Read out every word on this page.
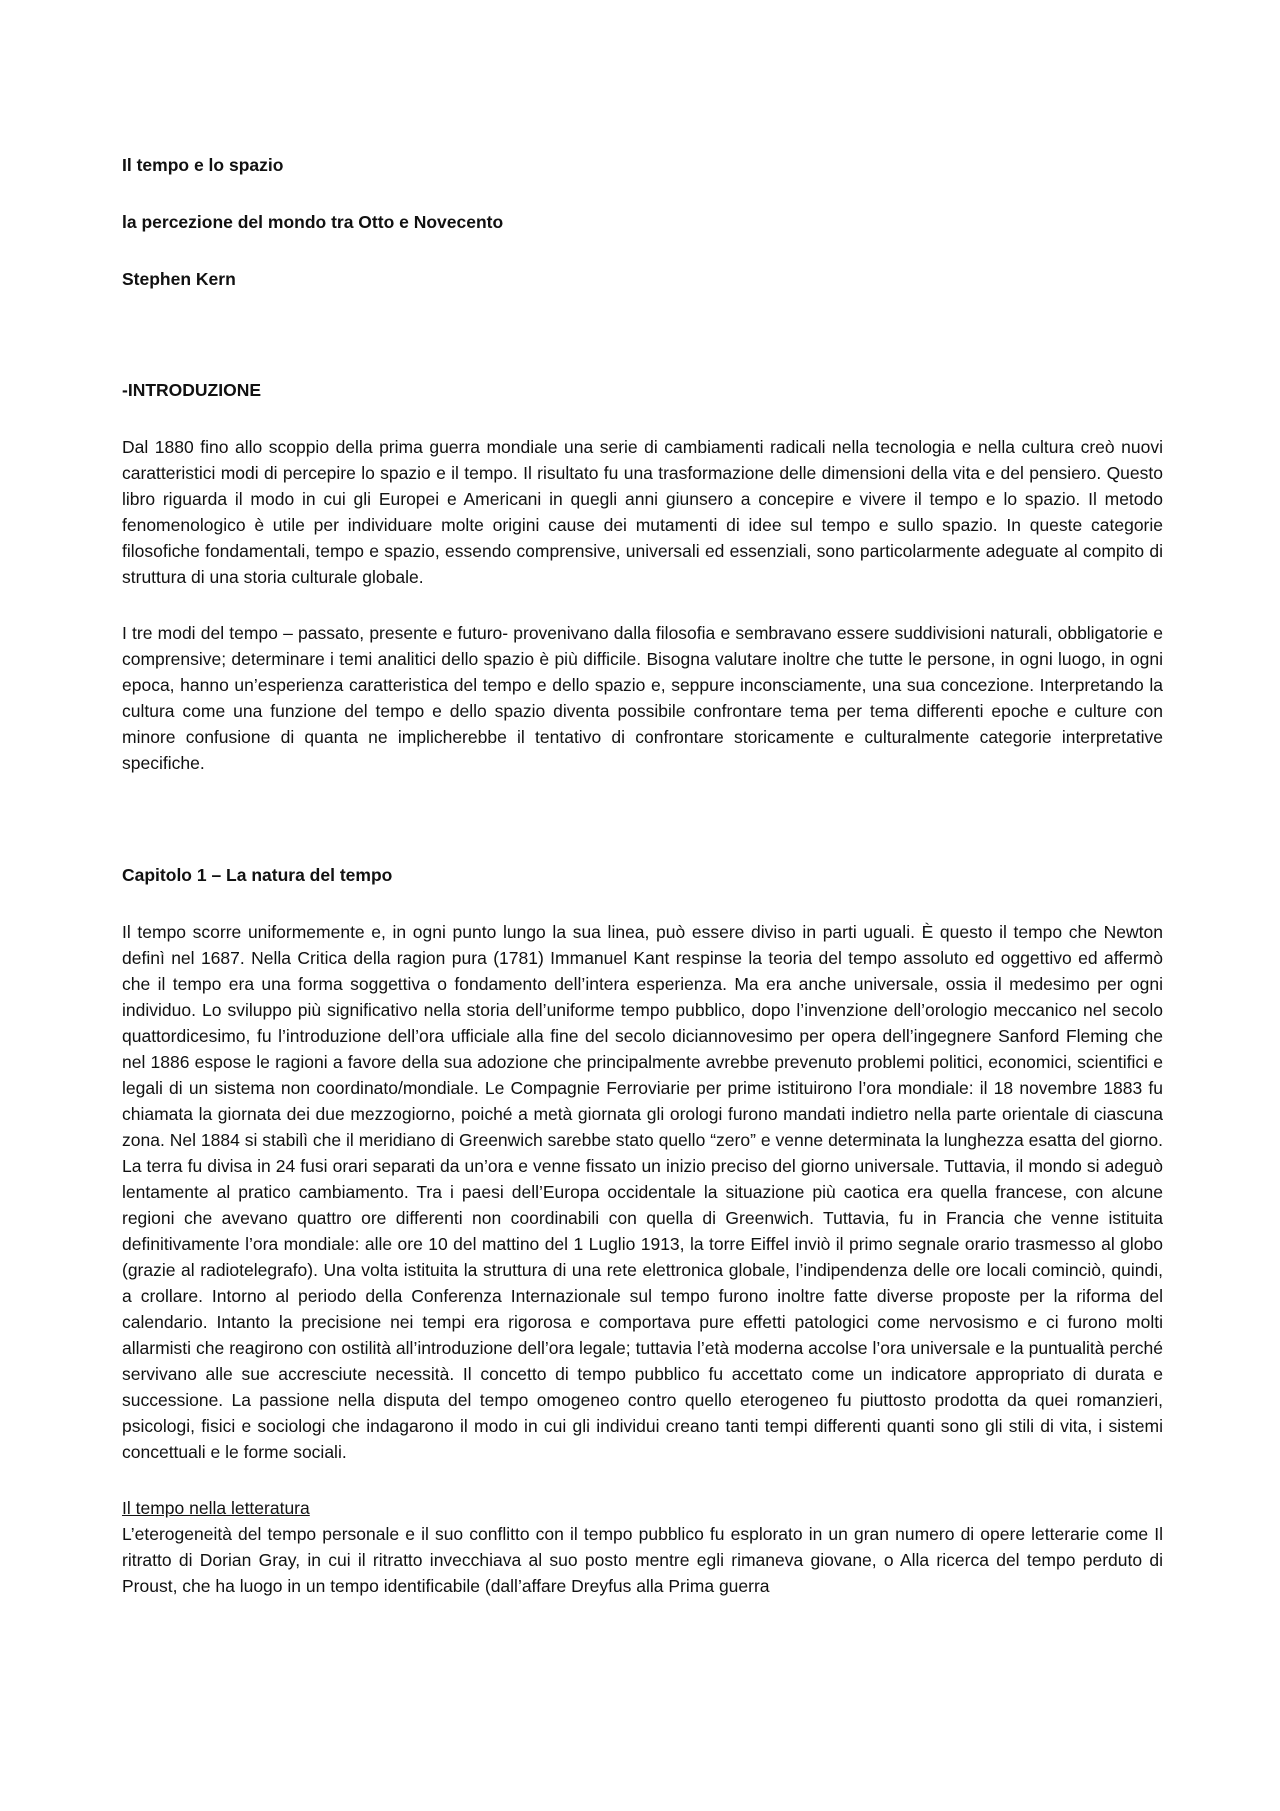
Il tempo e lo spazio

la percezione del mondo tra Otto e Novecento

Stephen Kern

-INTRODUZIONE

Dal 1880 fino allo scoppio della prima guerra mondiale una serie di cambiamenti radicali nella tecnologia e nella cultura creò nuovi caratteristici modi di percepire lo spazio e il tempo. Il risultato fu una trasformazione delle dimensioni della vita e del pensiero. Questo libro riguarda il modo in cui gli Europei e Americani in quegli anni giunsero a concepire e vivere il tempo e lo spazio. Il metodo fenomenologico è utile per individuare molte origini cause dei mutamenti di idee sul tempo e sullo spazio. In queste categorie filosofiche fondamentali, tempo e spazio, essendo comprensive, universali ed essenziali, sono particolarmente adeguate al compito di struttura di una storia culturale globale.

I tre modi del tempo – passato, presente e futuro- provenivano dalla filosofia e sembravano essere suddivisioni naturali, obbligatorie e comprensive; determinare i temi analitici dello spazio è più difficile. Bisogna valutare inoltre che tutte le persone, in ogni luogo, in ogni epoca, hanno un’esperienza caratteristica del tempo e dello spazio e, seppure inconsciamente, una sua concezione. Interpretando la cultura come una funzione del tempo e dello spazio diventa possibile confrontare tema per tema differenti epoche e culture con minore confusione di quanta ne implicherebbe il tentativo di confrontare storicamente e culturalmente categorie interpretative specifiche.

Capitolo 1 – La natura del tempo

Il tempo scorre uniformemente e, in ogni punto lungo la sua linea, può essere diviso in parti uguali. È questo il tempo che Newton definì nel 1687. Nella Critica della ragion pura (1781) Immanuel Kant respinse la teoria del tempo assoluto ed oggettivo ed affermò che il tempo era una forma soggettiva o fondamento dell’intera esperienza. Ma era anche universale, ossia il medesimo per ogni individuo. Lo sviluppo più significativo nella storia dell’uniforme tempo pubblico, dopo l’invenzione dell’orologio meccanico nel secolo quattordicesimo, fu l’introduzione dell’ora ufficiale alla fine del secolo diciannovesimo per opera dell’ingegnere Sanford Fleming che nel 1886 espose le ragioni a favore della sua adozione che principalmente avrebbe prevenuto problemi politici, economici, scientifici e legali di un sistema non coordinato/mondiale. Le Compagnie Ferroviarie per prime istituirono l’ora mondiale: il 18 novembre 1883 fu chiamata la giornata dei due mezzogiorno, poiché a metà giornata gli orologi furono mandati indietro nella parte orientale di ciascuna zona. Nel 1884 si stabilì che il meridiano di Greenwich sarebbe stato quello “zero” e venne determinata la lunghezza esatta del giorno. La terra fu divisa in 24 fusi orari separati da un’ora e venne fissato un inizio preciso del giorno universale. Tuttavia, il mondo si adeguò lentamente al pratico cambiamento. Tra i paesi dell’Europa occidentale la situazione più caotica era quella francese, con alcune regioni che avevano quattro ore differenti non coordinabili con quella di Greenwich. Tuttavia, fu in Francia che venne istituita definitivamente l’ora mondiale: alle ore 10 del mattino del 1 Luglio 1913, la torre Eiffel inviò il primo segnale orario trasmesso al globo (grazie al radiotelegrafo). Una volta istituita la struttura di una rete elettronica globale, l’indipendenza delle ore locali cominciò, quindi, a crollare. Intorno al periodo della Conferenza Internazionale sul tempo furono inoltre fatte diverse proposte per la riforma del calendario. Intanto la precisione nei tempi era rigorosa e comportava pure effetti patologici come nervosismo e ci furono molti allarmisti che reagirono con ostilità all’introduzione dell’ora legale; tuttavia l’età moderna accolse l’ora universale e la puntualità perché servivano alle sue accresciute necessità. Il concetto di tempo pubblico fu accettato come un indicatore appropriato di durata e successione. La passione nella disputa del tempo omogeneo contro quello eterogeneo fu piuttosto prodotta da quei romanzieri, psicologi, fisici e sociologi che indagarono il modo in cui gli individui creano tanti tempi differenti quanti sono gli stili di vita, i sistemi concettuali e le forme sociali.

Il tempo nella letteratura

L’eterogeneità del tempo personale e il suo conflitto con il tempo pubblico fu esplorato in un gran numero di opere letterarie come Il ritratto di Dorian Gray, in cui il ritratto invecchiava al suo posto mentre egli rimaneva giovane, o Alla ricerca del tempo perduto di Proust, che ha luogo in un tempo identificabile (dall’affare Dreyfus alla Prima guerra
